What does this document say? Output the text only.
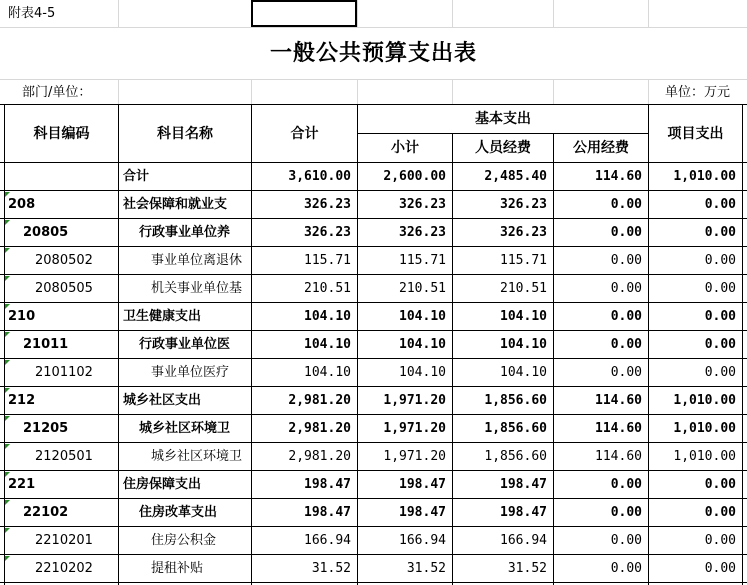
附表4-5
一般公共预算支出表
部门/单位：	单位：万元
科目编码	科目名称	合计
基本支出
小计	人员经费	公用经费
项目支出
合计	3,610.00	2,600.00	2,485.40	114.60	1,010.00
208	社会保障和就业支	326.23	326.23	326.23	0.00	0.00
20805	行政事业单位养	326.23	326.23	326.23	0.00	0.00
2080502	事业单位离退休	115.71	115.71	115.71	0.00	0.00
2080505	机关事业单位基	210.51	210.51	210.51	0.00	0.00
210	卫生健康支出	104.10	104.10	104.10	0.00	0.00
21011	行政事业单位医	104.10	104.10	104.10	0.00	0.00
2101102	事业单位医疗	104.10	104.10	104.10	0.00	0.00
212	城乡社区支出	2,981.20	1,971.20	1,856.60	114.60	1,010.00
21205	城乡社区环境卫	2,981.20	1,971.20	1,856.60	114.60	1,010.00
2120501	城乡社区环境卫	2,981.20	1,971.20	1,856.60	114.60	1,010.00
221	住房保障支出	198.47	198.47	198.47	0.00	0.00
22102	住房改革支出	198.47	198.47	198.47	0.00	0.00
2210201	住房公积金	166.94	166.94	166.94	0.00	0.00
2210202	提租补贴	31.52	31.52	31.52	0.00	0.00
